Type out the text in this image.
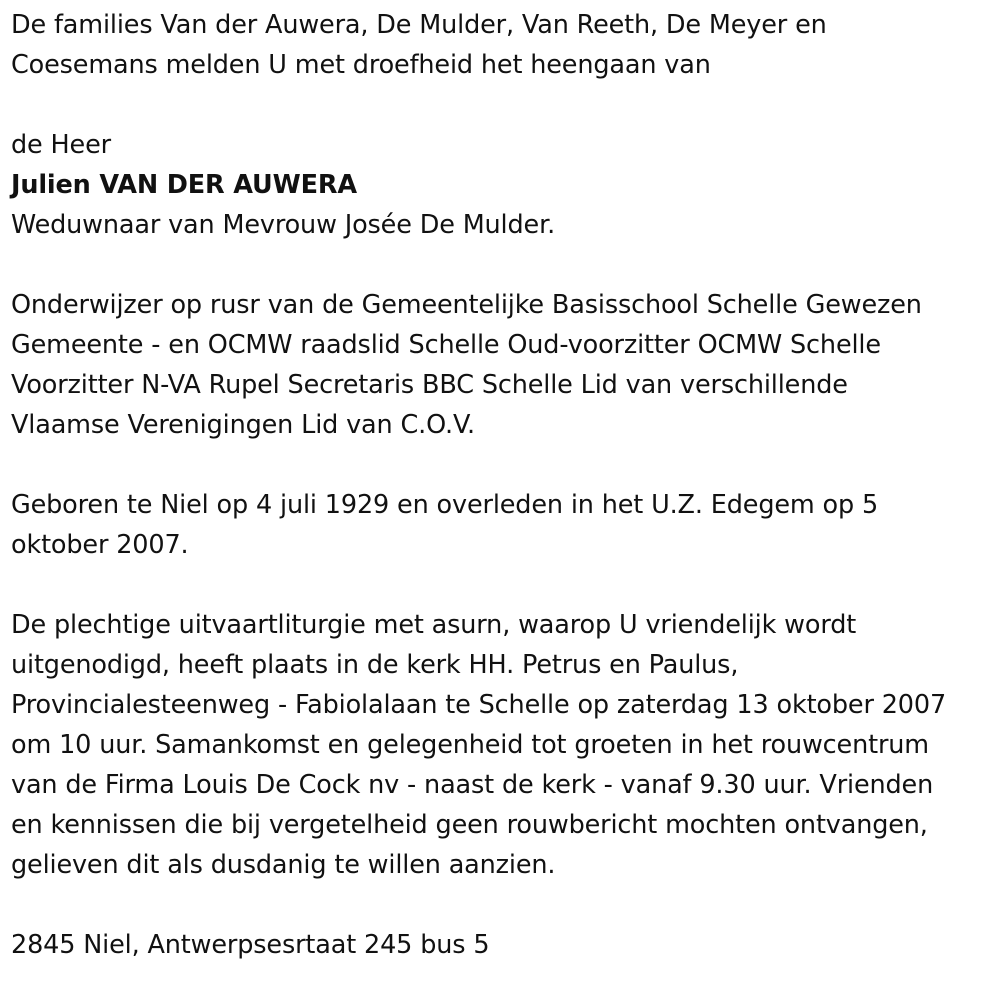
De families Van der Auwera, De Mulder, Van Reeth, De Meyer en
Coesemans melden U met droefheid het heengaan van
de Heer
Julien VAN DER AUWERA
Weduwnaar van Mevrouw Josée De Mulder.
Onderwijzer op rusr van de Gemeentelijke Basisschool Schelle Gewezen
Gemeente - en OCMW raadslid Schelle Oud-voorzitter OCMW Schelle
Voorzitter N-VA Rupel Secretaris BBC Schelle Lid van verschillende
Vlaamse Verenigingen Lid van C.O.V.
Geboren te Niel op 4 juli 1929 en overleden in het U.Z. Edegem op 5
oktober 2007.
De plechtige uitvaartliturgie met asurn, waarop U vriendelijk wordt
uitgenodigd, heeft plaats in de kerk HH. Petrus en Paulus,
Provincialesteenweg - Fabiolalaan te Schelle op zaterdag 13 oktober 2007
om 10 uur. Samankomst en gelegenheid tot groeten in het rouwcentrum
van de Firma Louis De Cock nv - naast de kerk - vanaf 9.30 uur. Vrienden
en kennissen die bij vergetelheid geen rouwbericht mochten ontvangen,
gelieven dit als dusdanig te willen aanzien.
2845 Niel, Antwerpsesrtaat 245 bus 5
